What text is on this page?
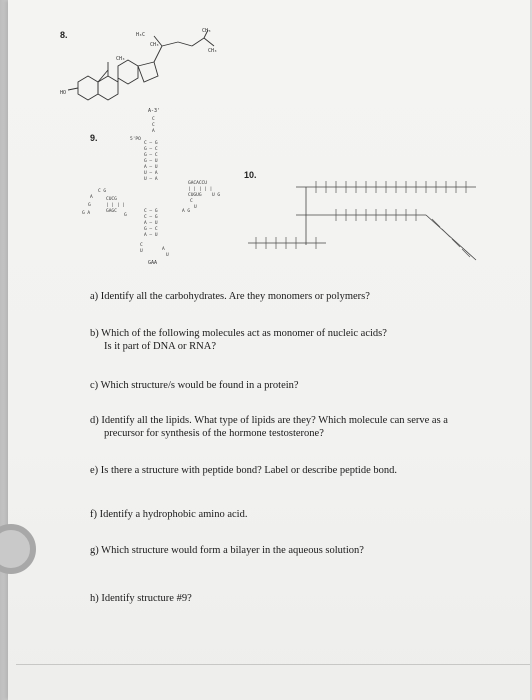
8.	H₃C
CH₃
CH₃
CH₃
CH₃
HO
9.
A-3'
5'PO
C
C
A
C — G
G — C
G — C
G — U
A — U
U — A
U — A
C G
A	CUCG
G	| | | |
G A	GAGC
G
GACACCU
| | | | |
CUGUG U G
C
U
A G
C — G
C — G
A — U
G — C
A — U
C
U	A
U
GAA
10.
a) Identify all the carbohydrates. Are they monomers or polymers?
b) Which of the following molecules act as monomer of nucleic acids?
Is it part of DNA or RNA?
c) Which structure/s would be found in a protein?
d) Identify all the lipids. What type of lipids are they? Which molecule can serve as a
precursor for synthesis of the hormone testosterone?
e) Is there a structure with peptide bond? Label or describe peptide bond.
f) Identify a hydrophobic amino acid.
g) Which structure would form a bilayer in the aqueous solution?
h) Identify structure #9?
